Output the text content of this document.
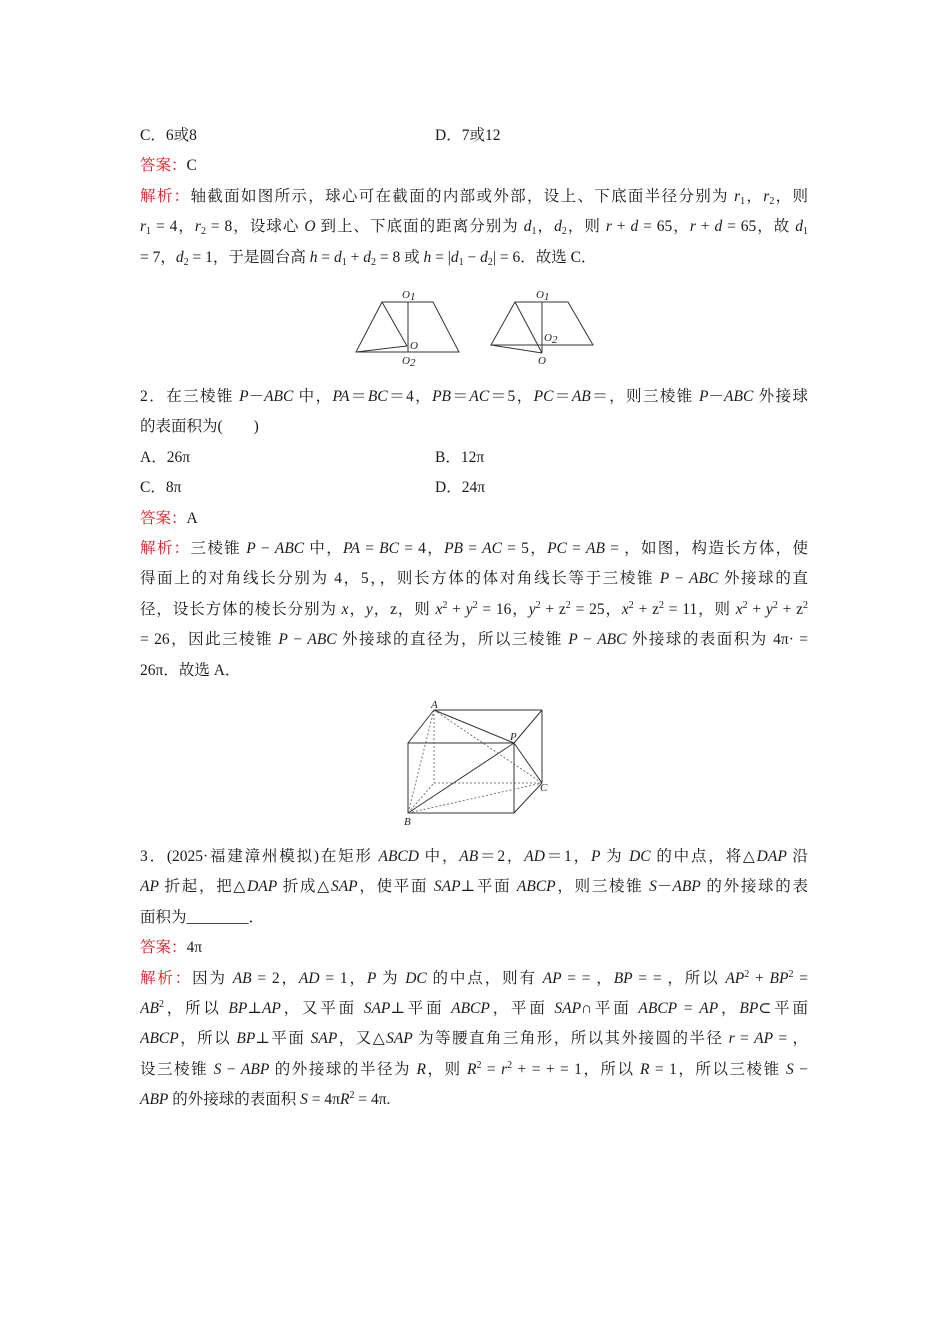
C．6或8	D．7或12
答案：C
解析：轴截面如图所示，球心可在截面的内部或外部，设上、下底面半径分别为 $r_1$，$r_2$，则
$r_1 = 4$，$r_2 = 8$，设球心 O 到上、下底面的距离分别为 $d_1$，$d_2$，则 r + d = 65，r + d = 65，故 $d_1$
= 7，$d_2 = 1$，于是圆台高 $h = d_1 + d_2 = 8$ 或 $h = |d_1 - d_2| = 6$．故选 C．
O1
O
O2
O1
O2
O
2．在三棱锥 P－ABC 中，PA＝BC＝4，PB＝AC＝5，PC＝AB＝，则三棱锥 P－ABC 外接球
的表面积为(　　)
A．26π	B．12π
C．8π	D．24π
答案：A
解析：三棱锥 P − ABC 中，PA = BC = 4，PB = AC = 5，PC = AB = ，如图，构造长方体，使
得面上的对角线长分别为 4，5，，则长方体的体对角线长等于三棱锥 P − ABC 外接球的直
径，设长方体的棱长分别为 x，y，z，则 $x^2 + y^2 = 16$，$y^2 + z^2 = 25$，$x^2 + z^2 = 11$，则 $x^2 + y^2 + z^2$
= 26，因此三棱锥 P − ABC 外接球的直径为，所以三棱锥 P − ABC 外接球的表面积为 4π· =
26π．故选 A．
A
P
C
B
3．(2025·福建漳州模拟)在矩形 ABCD 中，AB＝2，AD＝1，P 为 DC 的中点，将△DAP 沿
AP 折起，把△DAP 折成△SAP，使平面 SAP⊥平面 ABCP，则三棱锥 S－ABP 的外接球的表
面积为________．
答案：4π
解析：因为 AB = 2，AD = 1，P 为 DC 的中点，则有 AP = = ，BP = = ，所以 $AP^2 + BP^2$ =
$AB^2$，所以 BP⊥AP，又平面 SAP⊥平面 ABCP，平面 SAP∩平面 ABCP = AP，BP⊂平面
ABCP，所以 BP⊥平面 SAP，又△SAP 为等腰直角三角形，所以其外接圆的半径 r = AP = ，
设三棱锥 S − ABP 的外接球的半径为 R，则 $R^2 = r^2$ + = + = 1，所以 R = 1，所以三棱锥 S −
ABP 的外接球的表面积 $S = 4\pi R^2 = 4\pi$.
